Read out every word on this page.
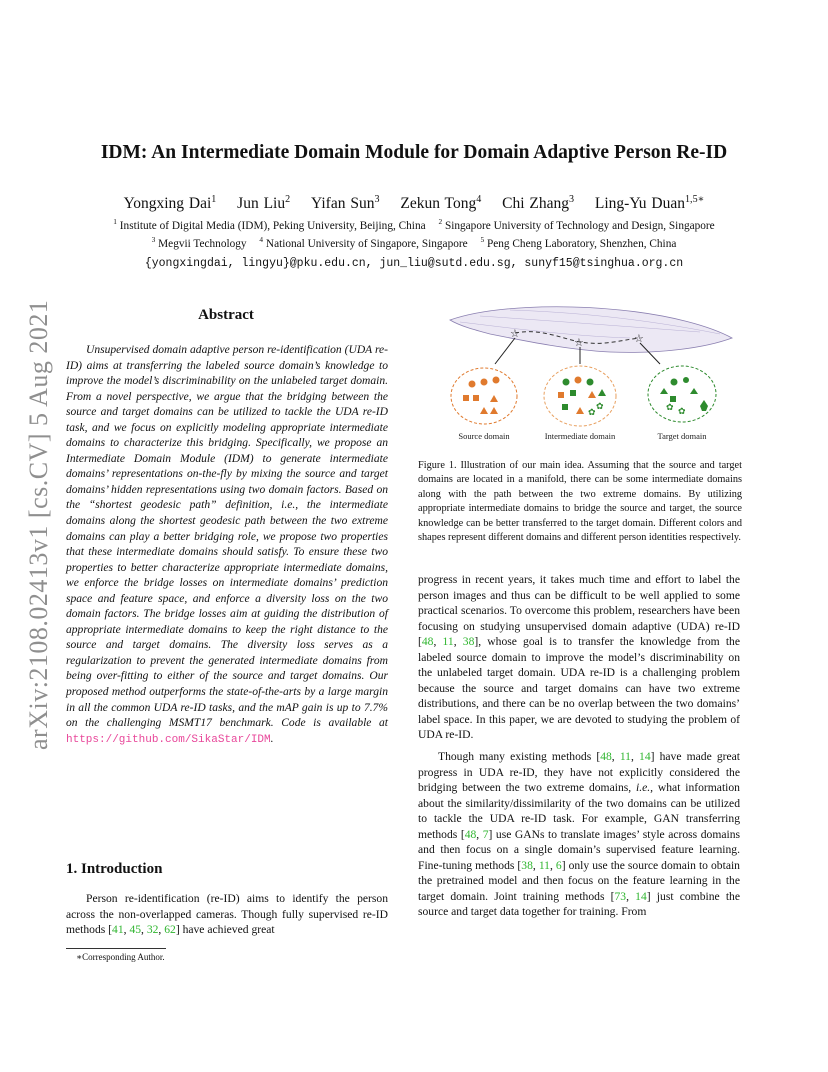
arXiv:2108.02413v1 [cs.CV] 5 Aug 2021
IDM: An Intermediate Domain Module for Domain Adaptive Person Re-ID
Yongxing Dai$^1$ Jun Liu$^2$ Yifan Sun$^3$ Zekun Tong$^4$ Chi Zhang$^3$ Ling-Yu Duan$^{1,5∗}$
$^1$ Institute of Digital Media (IDM), Peking University, Beijing, China $^2$ Singapore University of Technology and Design, Singapore
$^3$ Megvii Technology $^4$ National University of Singapore, Singapore $^5$ Peng Cheng Laboratory, Shenzhen, China
{yongxingdai, lingyu}@pku.edu.cn, jun_liu@sutd.edu.sg, sunyf15@tsinghua.org.cn
Abstract
Unsupervised domain adaptive person re-identification (UDA re-ID) aims at transferring the labeled source domain’s knowledge to improve the model’s discriminability on the unlabeled target domain. From a novel perspective, we argue that the bridging between the source and target domains can be utilized to tackle the UDA re-ID task, and we focus on explicitly modeling appropriate intermediate domains to characterize this bridging. Specifically, we propose an Intermediate Domain Module (IDM) to generate intermediate domains’ representations on-the-fly by mixing the source and target domains’ hidden representations using two domain factors. Based on the “shortest geodesic path” definition, i.e., the intermediate domains along the shortest geodesic path between the two extreme domains can play a better bridging role, we propose two properties that these intermediate domains should satisfy. To ensure these two properties to better characterize appropriate intermediate domains, we enforce the bridge losses on intermediate domains’ prediction space and feature space, and enforce a diversity loss on the two domain factors. The bridge losses aim at guiding the distribution of appropriate intermediate domains to keep the right distance to the source and target domains. The diversity loss serves as a regularization to prevent the generated intermediate domains from being over-fitting to either of the source and target domains. Our proposed method outperforms the state-of-the-arts by a large margin in all the common UDA re-ID tasks, and the mAP gain is up to 7.7% on the challenging MSMT17 benchmark. Code is available at https://github.com/SikaStar/IDM.
1. Introduction
Person re-identification (re-ID) aims to identify the person across the non-overlapped cameras. Though fully supervised re-ID methods [41, 45, 32, 62] have achieved great
∗Corresponding Author.
☆
☆	☆
✿
✿	✿
✿
Source domain	Intermediate domain	Target domain
Figure 1. Illustration of our main idea. Assuming that the source and target domains are located in a manifold, there can be some intermediate domains along with the path between the two extreme domains. By utilizing appropriate intermediate domains to bridge the source and target, the source knowledge can be better transferred to the target domain. Different colors and shapes represent different domains and different person identities respectively.

progress in recent years, it takes much time and effort to label the person images and thus can be difficult to be well applied to some practical scenarios. To overcome this problem, researchers have been focusing on studying unsupervised domain adaptive (UDA) re-ID [48, 11, 38], whose goal is to transfer the knowledge from the labeled source domain to improve the model’s discriminability on the unlabeled target domain. UDA re-ID is a challenging problem because the source and target domains can have two extreme distributions, and there can be no overlap between the two domains’ label space. In this paper, we are devoted to studying the problem of UDA re-ID.

Though many existing methods [48, 11, 14] have made great progress in UDA re-ID, they have not explicitly considered the bridging between the two extreme domains, i.e., what information about the similarity/dissimilarity of the two domains can be utilized to tackle the UDA re-ID task. For example, GAN transferring methods [48, 7] use GANs to translate images’ style across domains and then focus on a single domain’s supervised feature learning. Fine-tuning methods [38, 11, 6] only use the source domain to obtain the pretrained model and then focus on the feature learning in the target domain. Joint training methods [73, 14] just combine the source and target data together for training. From
